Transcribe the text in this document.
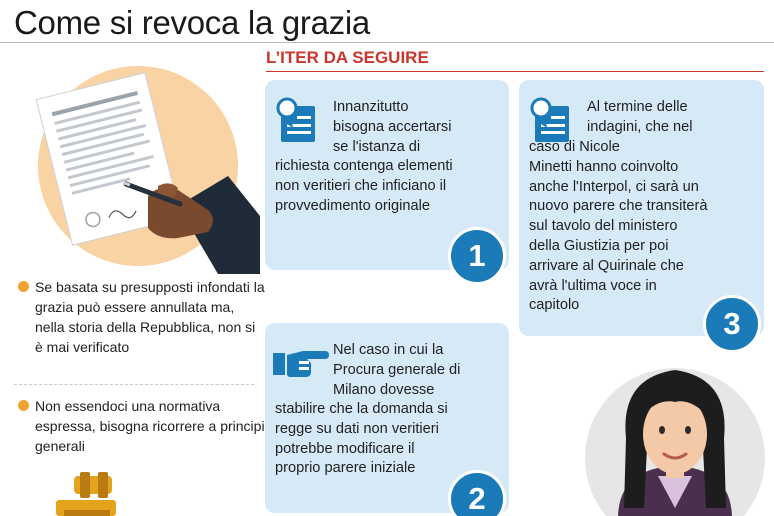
Come si revoca la grazia
L’ITER DA SEGUIRE
Se basata su presupposti infondati la grazia può essere annullata ma, nella storia della Repubblica, non si è mai verificato
Non essendoci una normativa espressa, bisogna ricorrere a principi generali
Innanzitutto
bisogna accertarsi
se l'istanza di
richiesta contenga elementi
non veritieri che inficiano il
provvedimento originale
1
Nel caso in cui la
Procura generale di
Milano dovesse
stabilire che la domanda si
regge su dati non veritieri
potrebbe modificare il
proprio parere iniziale
2
Al termine delle
indagini, che nel
caso di Nicole
Minetti hanno coinvolto
anche l'Interpol, ci sarà un
nuovo parere che transiterà
sul tavolo del ministero
della Giustizia per poi
arrivare al Quirinale che
avrà l'ultima voce in
capitolo
3
